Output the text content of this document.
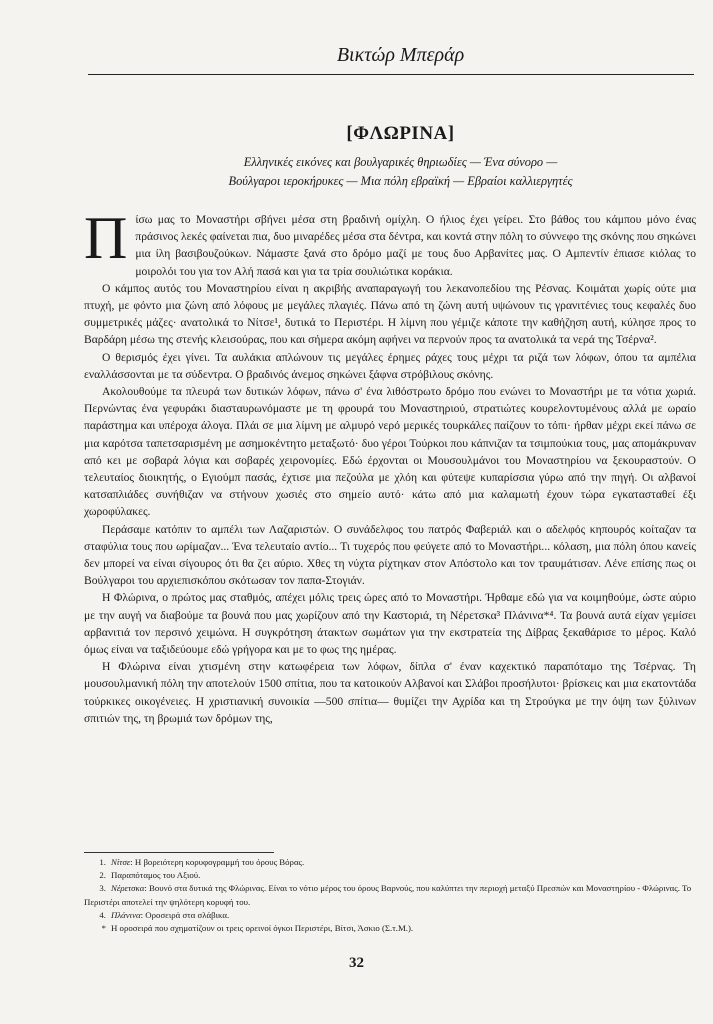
Βικτώρ Μπεράρ
[ΦΛΩΡΙΝΑ]
Ελληνικές εικόνες και βουλγαρικές θηριωδίες — Ένα σύνορο —
Βούλγαροι ιεροκήρυκες — Μια πόλη εβραϊκή — Εβραίοι καλλιεργητές

Πίσω μας το Μοναστήρι σβήνει μέσα στη βραδινή ομίχλη. Ο ήλιος έχει γείρει. Στο βάθος του κάμπου μόνο ένας πράσινος λεκές φαίνεται πια, δυο μιναρέδες μέσα στα δέντρα, και κοντά στην πόλη το σύννεφο της σκόνης που σηκώνει μια ίλη βασιβουζούκων. Νάμαστε ξανά στο δρόμο μαζί με τους δυο Αρβανίτες μας. Ο Αμπεντίν έπιασε κιόλας το μοιρολόι του για τον Αλή πασά και για τα τρία σουλιώτικα κοράκια.

Ο κάμπος αυτός του Μοναστηρίου είναι η ακριβής αναπαραγωγή του λεκανοπεδίου της Ρέσνας. Κοιμάται χωρίς ούτε μια πτυχή, με φόντο μια ζώνη από λόφους με μεγάλες πλαγιές. Πάνω από τη ζώνη αυτή υψώνουν τις γρανιτένιες τους κεφαλές δυο συμμετρικές μάζες· ανατολικά το Νίτσε¹, δυτικά το Περιστέρι. Η λίμνη που γέμιζε κάποτε την καθήζηση αυτή, κύλησε προς το Βαρδάρη μέσω της στενής κλεισούρας, που και σήμερα ακόμη αφήνει να περνούν προς τα ανατολικά τα νερά της Τσέρνα².

Ο θερισμός έχει γίνει. Τα αυλάκια απλώνουν τις μεγάλες έρημες ράχες τους μέχρι τα ριζά των λόφων, όπου τα αμπέλια εναλλάσσονται με τα σύδεντρα. Ο βραδινός άνεμος σηκώνει ξάφνα στρόβιλους σκόνης.

Ακολουθούμε τα πλευρά των δυτικών λόφων, πάνω σ' ένα λιθόστρωτο δρόμο που ενώνει το Μοναστήρι με τα νότια χωριά. Περνώντας ένα γεφυράκι διασταυρωνόμαστε με τη φρουρά του Μοναστηριού, στρατιώτες κουρελοντυμένους αλλά με ωραίο παράστημα και υπέροχα άλογα. Πλάι σε μια λίμνη με αλμυρό νερό μερικές τουρκάλες παίζουν το τόπι· ήρθαν μέχρι εκεί πάνω σε μια καρότσα ταπετσαρισμένη με ασημοκέντητο μεταξωτό· δυο γέροι Τούρκοι που κάπνιζαν τα τσιμπούκια τους, μας απομάκρυναν από κει με σοβαρά λόγια και σοβαρές χειρονομίες. Εδώ έρχονται οι Μουσουλμάνοι του Μοναστηρίου να ξεκουραστούν. Ο τελευταίος διοικητής, ο Εγιούμπ πασάς, έχτισε μια πεζούλα με χλόη και φύτεψε κυπαρίσσια γύρω από την πηγή. Οι αλβανοί κατσαπλιάδες συνήθιζαν να στήνουν χωσιές στο σημείο αυτό· κάτω από μια καλαμωτή έχουν τώρα εγκατασταθεί έξι χωροφύλακες.

Περάσαμε κατόπιν το αμπέλι των Λαζαριστών. Ο συνάδελφος του πατρός Φαβεριάλ και ο αδελφός κηπουρός κοίταζαν τα σταφύλια τους που ωρίμαζαν... Ένα τελευταίο αντίο... Τι τυχερός που φεύγετε από το Μοναστήρι... κόλαση, μια πόλη όπου κανείς δεν μπορεί να είναι σίγουρος ότι θα ζει αύριο. Χθες τη νύχτα ρίχτηκαν στον Απόστολο και τον τραυμάτισαν. Λένε επίσης πως οι Βούλγαροι του αρχιεπισκόπου σκότωσαν τον παπα-Στογιάν.

Η Φλώρινα, ο πρώτος μας σταθμός, απέχει μόλις τρεις ώρες από το Μοναστήρι. Ήρθαμε εδώ για να κοιμηθούμε, ώστε αύριο με την αυγή να διαβούμε τα βουνά που μας χωρίζουν από την Καστοριά, τη Νέρετσκα³ Πλάνινα*⁴. Τα βουνά αυτά είχαν γεμίσει αρβανιτιά τον περσινό χειμώνα. Η συγκρότηση άτακτων σωμάτων για την εκστρατεία της Δίβρας ξεκαθάρισε το μέρος. Καλό όμως είναι να ταξιδεύουμε εδώ γρήγορα και με το φως της ημέρας.

Η Φλώρινα είναι χτισμένη στην κατωφέρεια των λόφων, δίπλα σ' έναν καχεκτικό παραπόταμο της Τσέρνας. Τη μουσουλμανική πόλη την αποτελούν 1500 σπίτια, που τα κατοικούν Αλβανοί και Σλάβοι προσήλυτοι· βρίσκεις και μια εκατοντάδα τούρκικες οικογένειες. Η χριστιανική συνοικία —500 σπίτια— θυμίζει την Αχρίδα και τη Στρούγκα με την όψη των ξύλινων σπιτιών της, τη βρωμιά των δρόμων της,

1. Νίτσε: Η βορειότερη κορυφογραμμή του όρους Βόρας.
2. Παραπόταμος του Αξιού.
3. Νέρετσκα: Βουνό στα δυτικά της Φλώρινας. Είναι το νότιο μέρος του όρους Βαρνούς, που καλύπτει την περιοχή μεταξύ Πρεσπών και Μοναστηρίου - Φλώρινας. Το Περιστέρι αποτελεί την ψηλότερη κορυφή του.
4. Πλάνινα: Οροσειρά στα σλάβικα.
* Η οροσειρά που σχηματίζουν οι τρεις ορεινοί όγκοι Περιστέρι, Βίτσι, Άσκιο (Σ.τ.Μ.).
32
